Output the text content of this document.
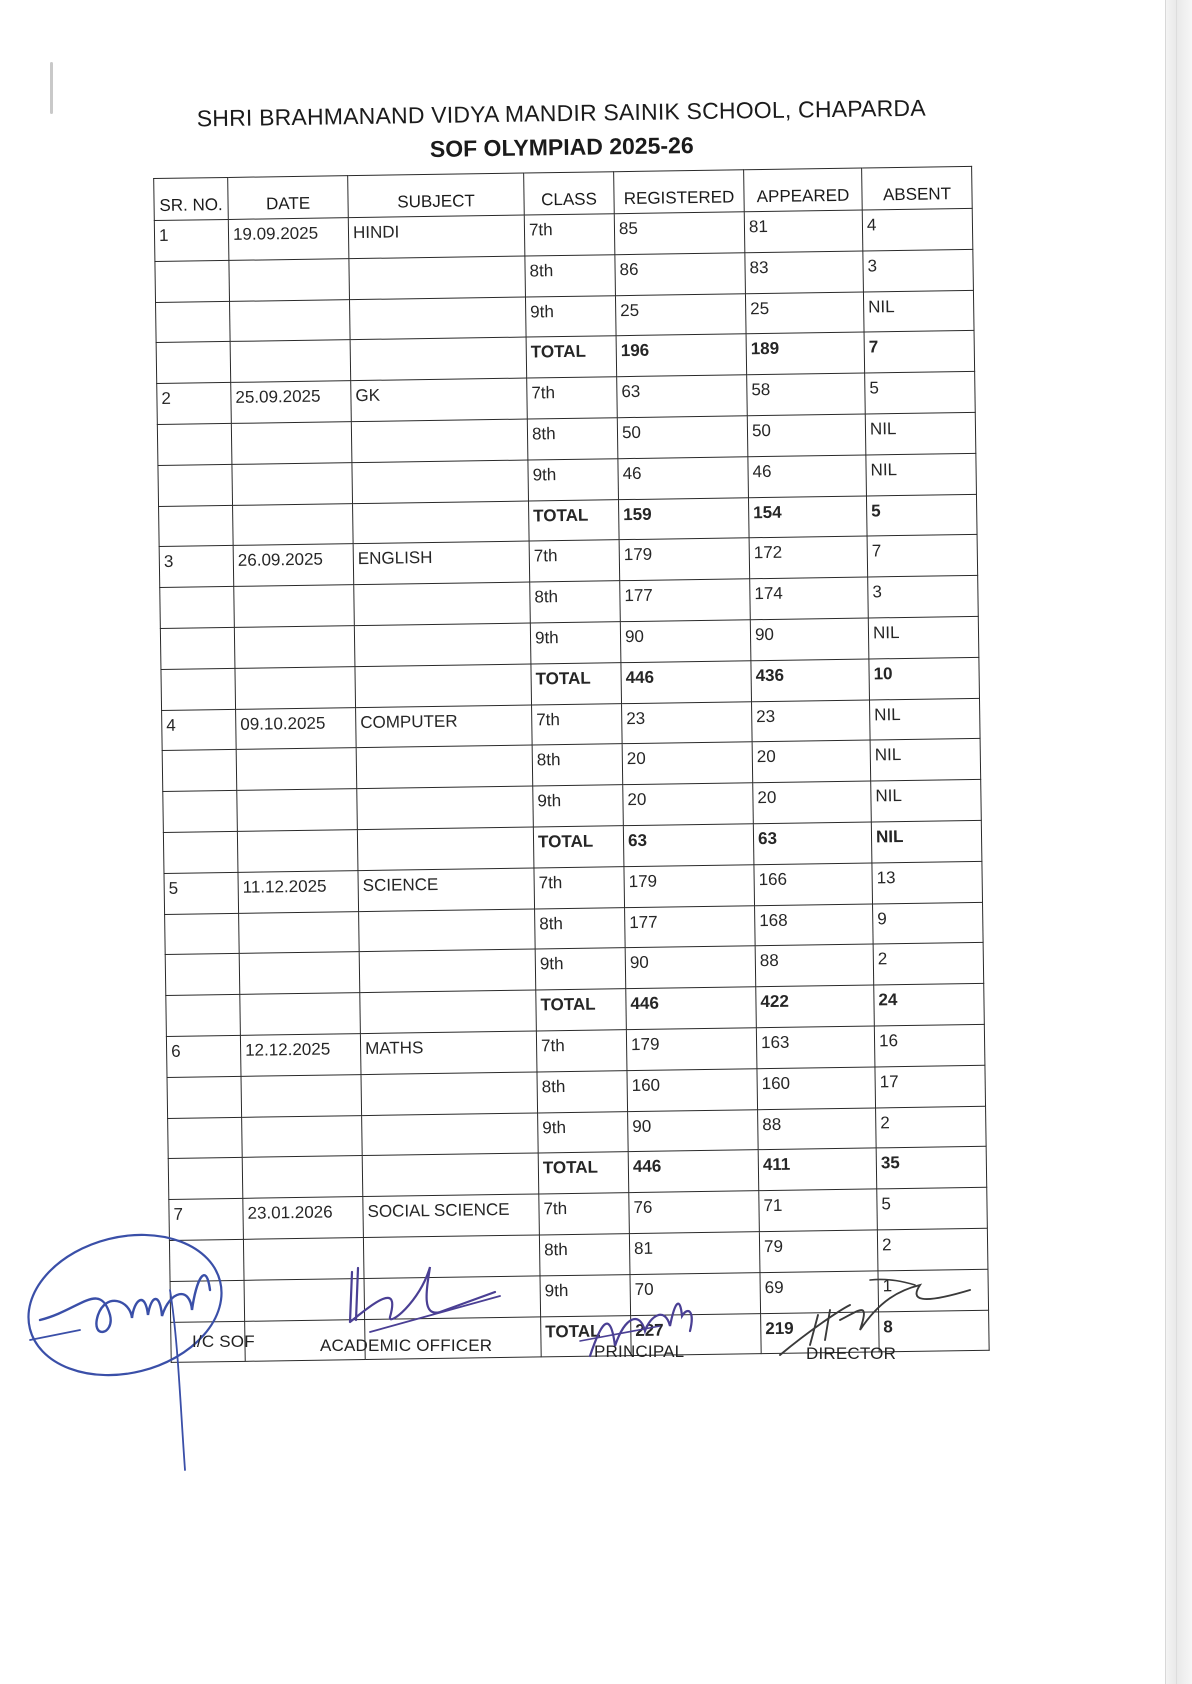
SHRI BRAHMANAND VIDYA MANDIR SAINIK SCHOOL, CHAPARDA
SOF OLYMPIAD 2025-26
SR. NO.	DATE	SUBJECT	CLASS	REGISTERED	APPEARED	ABSENT
1	19.09.2025	HINDI	7th	85	81	4
			8th	86	83	3
			9th	25	25	NIL
			TOTAL	196	189	7
2	25.09.2025	GK	7th	63	58	5
			8th	50	50	NIL
			9th	46	46	NIL
			TOTAL	159	154	5
3	26.09.2025	ENGLISH	7th	179	172	7
			8th	177	174	3
			9th	90	90	NIL
			TOTAL	446	436	10
4	09.10.2025	COMPUTER	7th	23	23	NIL
			8th	20	20	NIL
			9th	20	20	NIL
			TOTAL	63	63	NIL
5	11.12.2025	SCIENCE	7th	179	166	13
			8th	177	168	9
			9th	90	88	2
			TOTAL	446	422	24
6	12.12.2025	MATHS	7th	179	163	16
			8th	160	160	17
			9th	90	88	2
			TOTAL	446	411	35
7	23.01.2026	SOCIAL SCIENCE	7th	76	71	5
			8th	81	79	2
			9th	70	69	1
			TOTAL	227	219	8
I/C SOF	ACADEMIC OFFICER	PRINCIPAL	DIRECTOR
